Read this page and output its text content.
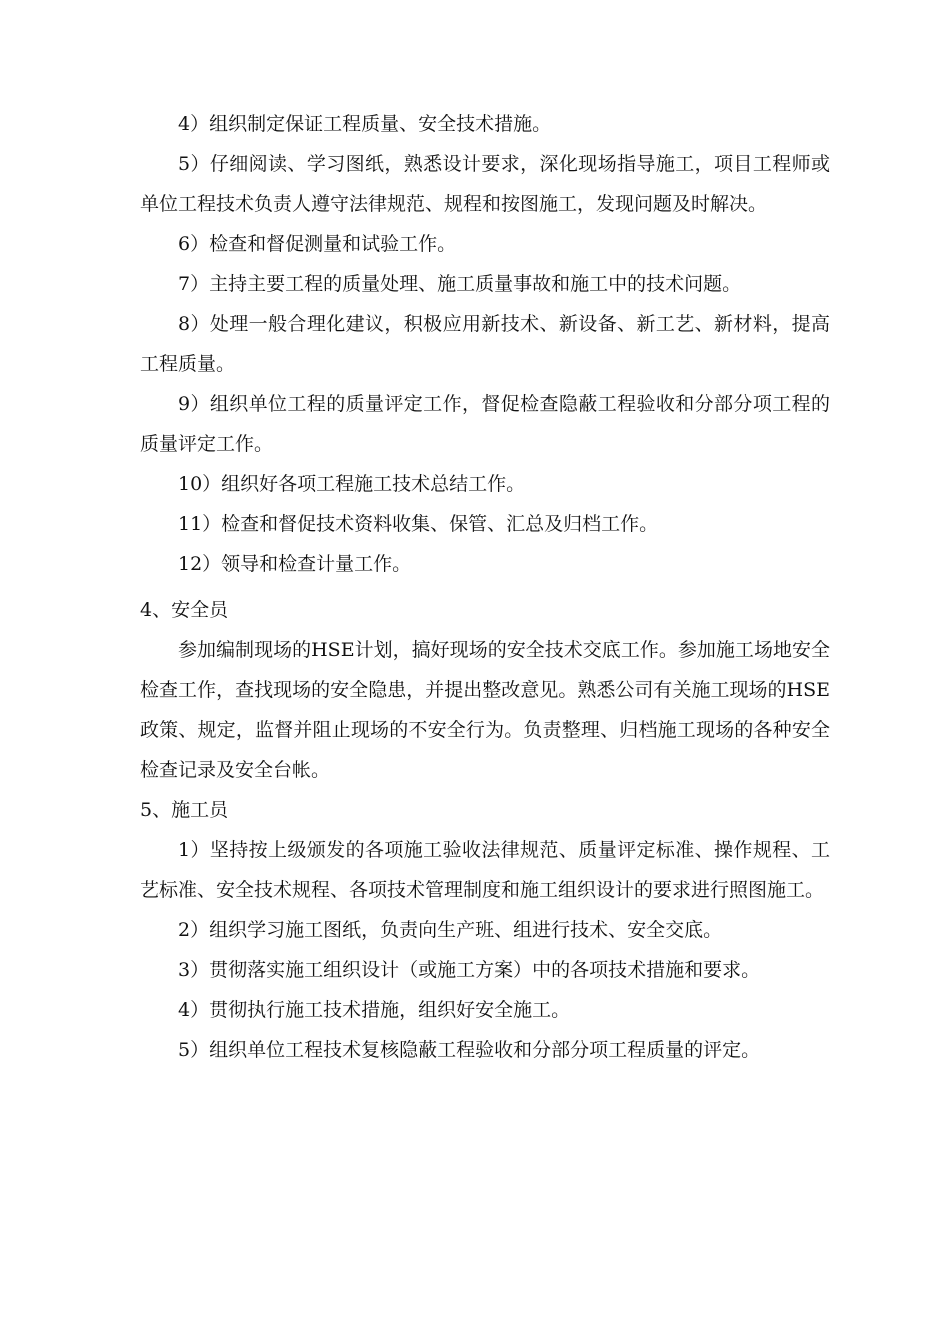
4）组织制定保证工程质量、安全技术措施。

5）仔细阅读、学习图纸，熟悉设计要求，深化现场指导施工，项目工程师或单位工程技术负责人遵守法律规范、规程和按图施工，发现问题及时解决。

6）检查和督促测量和试验工作。

7）主持主要工程的质量处理、施工质量事故和施工中的技术问题。

8）处理一般合理化建议，积极应用新技术、新设备、新工艺、新材料，提高工程质量。

9）组织单位工程的质量评定工作，督促检查隐蔽工程验收和分部分项工程的质量评定工作。

10）组织好各项工程施工技术总结工作。

11）检查和督促技术资料收集、保管、汇总及归档工作。

12）领导和检查计量工作。

4、安全员

参加编制现场的HSE计划，搞好现场的安全技术交底工作。参加施工场地安全检查工作，查找现场的安全隐患，并提出整改意见。熟悉公司有关施工现场的HSE政策、规定，监督并阻止现场的不安全行为。负责整理、归档施工现场的各种安全检查记录及安全台帐。

5、施工员

1）坚持按上级颁发的各项施工验收法律规范、质量评定标准、操作规程、工艺标准、安全技术规程、各项技术管理制度和施工组织设计的要求进行照图施工。

2）组织学习施工图纸，负责向生产班、组进行技术、安全交底。

3）贯彻落实施工组织设计（或施工方案）中的各项技术措施和要求。

4）贯彻执行施工技术措施，组织好安全施工。

5）组织单位工程技术复核隐蔽工程验收和分部分项工程质量的评定。
